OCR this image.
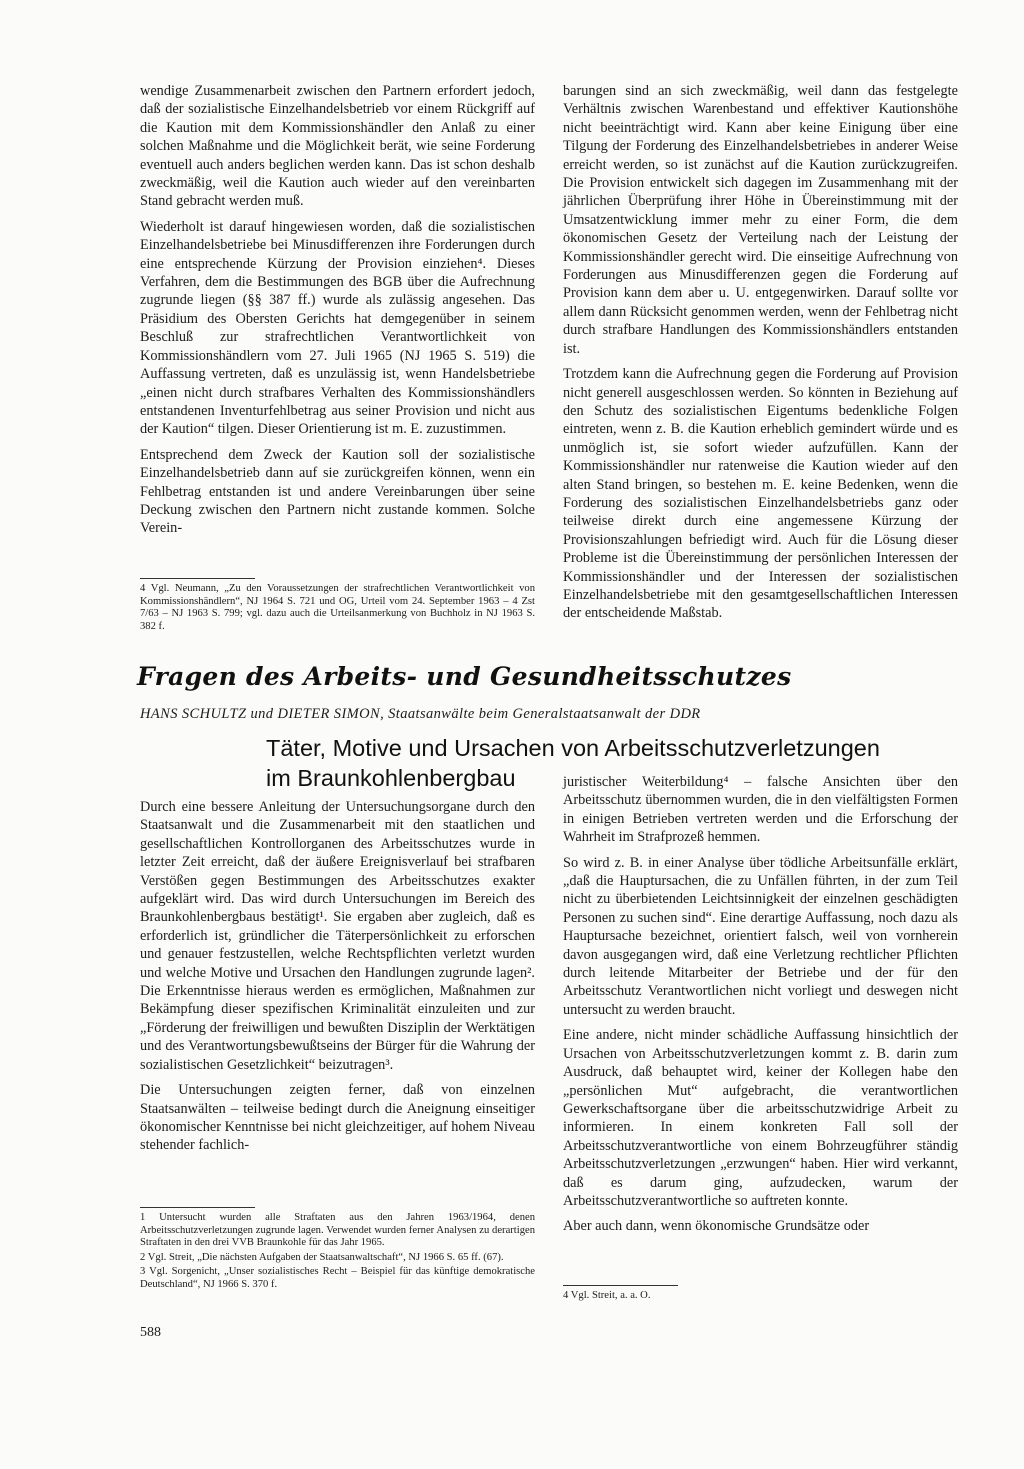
wendige Zusammenarbeit zwischen den Partnern erfordert jedoch, daß der sozialistische Einzelhandelsbetrieb vor einem Rückgriff auf die Kaution mit dem Kommissionshändler den Anlaß zu einer solchen Maßnahme und die Möglichkeit berät, wie seine Forderung eventuell auch anders beglichen werden kann. Das ist schon deshalb zweckmäßig, weil die Kaution auch wieder auf den vereinbarten Stand gebracht werden muß.

Wiederholt ist darauf hingewiesen worden, daß die sozialistischen Einzelhandelsbetriebe bei Minusdifferenzen ihre Forderungen durch eine entsprechende Kürzung der Provision einziehen⁴. Dieses Verfahren, dem die Bestimmungen des BGB über die Aufrechnung zugrunde liegen (§§ 387 ff.) wurde als zulässig angesehen. Das Präsidium des Obersten Gerichts hat demgegenüber in seinem Beschluß zur strafrechtlichen Verantwortlichkeit von Kommissionshändlern vom 27. Juli 1965 (NJ 1965 S. 519) die Auffassung vertreten, daß es unzulässig ist, wenn Handelsbetriebe „einen nicht durch strafbares Verhalten des Kommissionshändlers entstandenen Inventurfehlbetrag aus seiner Provision und nicht aus der Kaution“ tilgen. Dieser Orientierung ist m. E. zuzustimmen.

Entsprechend dem Zweck der Kaution soll der sozialistische Einzelhandelsbetrieb dann auf sie zurückgreifen können, wenn ein Fehlbetrag entstanden ist und andere Vereinbarungen über seine Deckung zwischen den Partnern nicht zustande kommen. Solche Verein-

4 Vgl. Neumann, „Zu den Voraussetzungen der strafrechtlichen Verantwortlichkeit von Kommissionshändlern“, NJ 1964 S. 721 und OG, Urteil vom 24. September 1963 – 4 Zst 7/63 – NJ 1963 S. 799; vgl. dazu auch die Urteilsanmerkung von Buchholz in NJ 1963 S. 382 f.

barungen sind an sich zweckmäßig, weil dann das festgelegte Verhältnis zwischen Warenbestand und effektiver Kautionshöhe nicht beeinträchtigt wird. Kann aber keine Einigung über eine Tilgung der Forderung des Einzelhandelsbetriebes in anderer Weise erreicht werden, so ist zunächst auf die Kaution zurückzugreifen. Die Provision entwickelt sich dagegen im Zusammenhang mit der jährlichen Überprüfung ihrer Höhe in Übereinstimmung mit der Umsatzentwicklung immer mehr zu einer Form, die dem ökonomischen Gesetz der Verteilung nach der Leistung der Kommissionshändler gerecht wird. Die einseitige Aufrechnung von Forderungen aus Minusdifferenzen gegen die Forderung auf Provision kann dem aber u. U. entgegenwirken. Darauf sollte vor allem dann Rücksicht genommen werden, wenn der Fehlbetrag nicht durch strafbare Handlungen des Kommissionshändlers entstanden ist.

Trotzdem kann die Aufrechnung gegen die Forderung auf Provision nicht generell ausgeschlossen werden. So könnten in Beziehung auf den Schutz des sozialistischen Eigentums bedenkliche Folgen eintreten, wenn z. B. die Kaution erheblich gemindert würde und es unmöglich ist, sie sofort wieder aufzufüllen. Kann der Kommissionshändler nur ratenweise die Kaution wieder auf den alten Stand bringen, so bestehen m. E. keine Bedenken, wenn die Forderung des sozialistischen Einzelhandelsbetriebs ganz oder teilweise direkt durch eine angemessene Kürzung der Provisionszahlungen befriedigt wird. Auch für die Lösung dieser Probleme ist die Übereinstimmung der persönlichen Interessen der Kommissionshändler und der Interessen der sozialistischen Einzelhandelsbetriebe mit den gesamtgesellschaftlichen Interessen der entscheidende Maßstab.

Fragen des Arbeits- und Gesundheitsschutzes
HANS SCHULTZ und DIETER SIMON, Staatsanwälte beim Generalstaatsanwalt der DDR
Täter, Motive und Ursachen von Arbeitsschutzverletzungen im Braunkohlenbergbau

Durch eine bessere Anleitung der Untersuchungsorgane durch den Staatsanwalt und die Zusammenarbeit mit den staatlichen und gesellschaftlichen Kontrollorganen des Arbeitsschutzes wurde in letzter Zeit erreicht, daß der äußere Ereignisverlauf bei strafbaren Verstößen gegen Bestimmungen des Arbeitsschutzes exakter aufgeklärt wird. Das wird durch Untersuchungen im Bereich des Braunkohlenbergbaus bestätigt¹. Sie ergaben aber zugleich, daß es erforderlich ist, gründlicher die Täterpersönlichkeit zu erforschen und genauer festzustellen, welche Rechtspflichten verletzt wurden und welche Motive und Ursachen den Handlungen zugrunde lagen². Die Erkenntnisse hieraus werden es ermöglichen, Maßnahmen zur Bekämpfung dieser spezifischen Kriminalität einzuleiten und zur „Förderung der freiwilligen und bewußten Disziplin der Werktätigen und des Verantwortungsbewußtseins der Bürger für die Wahrung der sozialistischen Gesetzlichkeit“ beizutragen³.

Die Untersuchungen zeigten ferner, daß von einzelnen Staatsanwälten – teilweise bedingt durch die Aneignung einseitiger ökonomischer Kenntnisse bei nicht gleichzeitiger, auf hohem Niveau stehender fachlich-

1 Untersucht wurden alle Straftaten aus den Jahren 1963/1964, denen Arbeitsschutzverletzungen zugrunde lagen. Verwendet wurden ferner Analysen zu derartigen Straftaten in den drei VVB Braunkohle für das Jahr 1965.

2 Vgl. Streit, „Die nächsten Aufgaben der Staatsanwaltschaft“, NJ 1966 S. 65 ff. (67).

3 Vgl. Sorgenicht, „Unser sozialistisches Recht – Beispiel für das künftige demokratische Deutschland“, NJ 1966 S. 370 f.

juristischer Weiterbildung⁴ – falsche Ansichten über den Arbeitsschutz übernommen wurden, die in den vielfältigsten Formen in einigen Betrieben vertreten werden und die Erforschung der Wahrheit im Strafprozeß hemmen.

So wird z. B. in einer Analyse über tödliche Arbeitsunfälle erklärt, „daß die Hauptursachen, die zu Unfällen führten, in der zum Teil nicht zu überbietenden Leichtsinnigkeit der einzelnen geschädigten Personen zu suchen sind“. Eine derartige Auffassung, noch dazu als Hauptursache bezeichnet, orientiert falsch, weil von vornherein davon ausgegangen wird, daß eine Verletzung rechtlicher Pflichten durch leitende Mitarbeiter der Betriebe und der für den Arbeitsschutz Verantwortlichen nicht vorliegt und deswegen nicht untersucht zu werden braucht.

Eine andere, nicht minder schädliche Auffassung hinsichtlich der Ursachen von Arbeitsschutzverletzungen kommt z. B. darin zum Ausdruck, daß behauptet wird, keiner der Kollegen habe den „persönlichen Mut“ aufgebracht, die verantwortlichen Gewerkschaftsorgane über die arbeitsschutzwidrige Arbeit zu informieren. In einem konkreten Fall soll der Arbeitsschutzverantwortliche von einem Bohrzeugführer ständig Arbeitsschutzverletzungen „erzwungen“ haben. Hier wird verkannt, daß es darum ging, aufzudecken, warum der Arbeitsschutzverantwortliche so auftreten konnte.

Aber auch dann, wenn ökonomische Grundsätze oder

4 Vgl. Streit, a. a. O.

588
